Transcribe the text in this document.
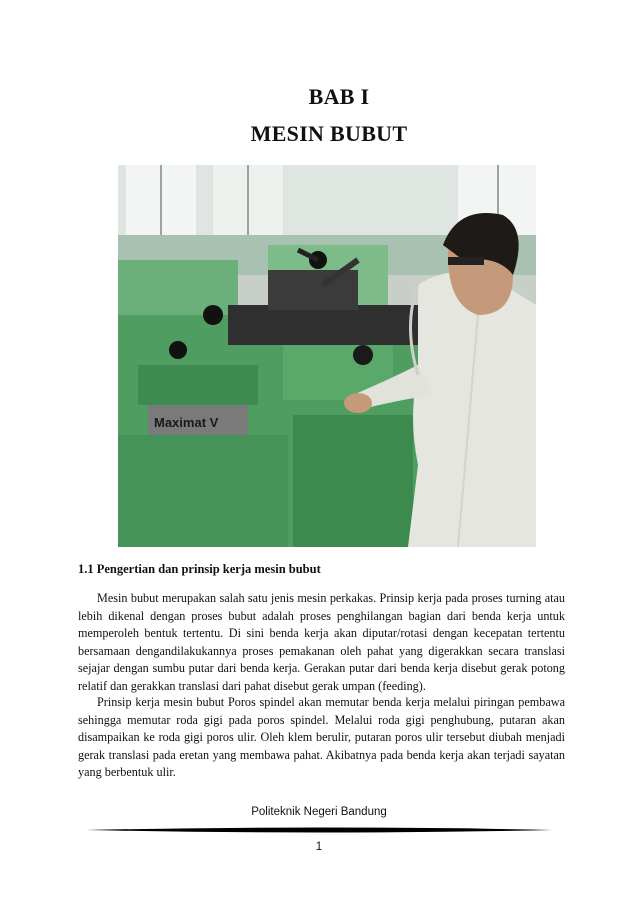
BAB I
MESIN BUBUT
Maximat V
1.1 Pengertian dan prinsip kerja mesin bubut

Mesin bubut merupakan salah satu jenis mesin perkakas. Prinsip kerja pada proses turning atau lebih dikenal dengan proses bubut adalah proses penghilangan bagian dari benda kerja untuk memperoleh bentuk tertentu. Di sini benda kerja akan diputar/rotasi dengan kecepatan tertentu bersamaan dengandilakukannya proses pemakanan oleh pahat yang digerakkan secara translasi sejajar dengan sumbu putar dari benda kerja. Gerakan putar dari benda kerja disebut gerak potong relatif dan gerakkan translasi dari pahat disebut gerak umpan (feeding).

Prinsip kerja mesin bubut Poros spindel akan memutar benda kerja melalui piringan pembawa sehingga memutar roda gigi pada poros spindel. Melalui roda gigi penghubung, putaran akan disampaikan ke roda gigi poros ulir. Oleh klem berulir, putaran poros ulir tersebut diubah menjadi gerak translasi pada eretan yang membawa pahat. Akibatnya pada benda kerja akan terjadi sayatan yang berbentuk ulir.

Politeknik Negeri Bandung
1
